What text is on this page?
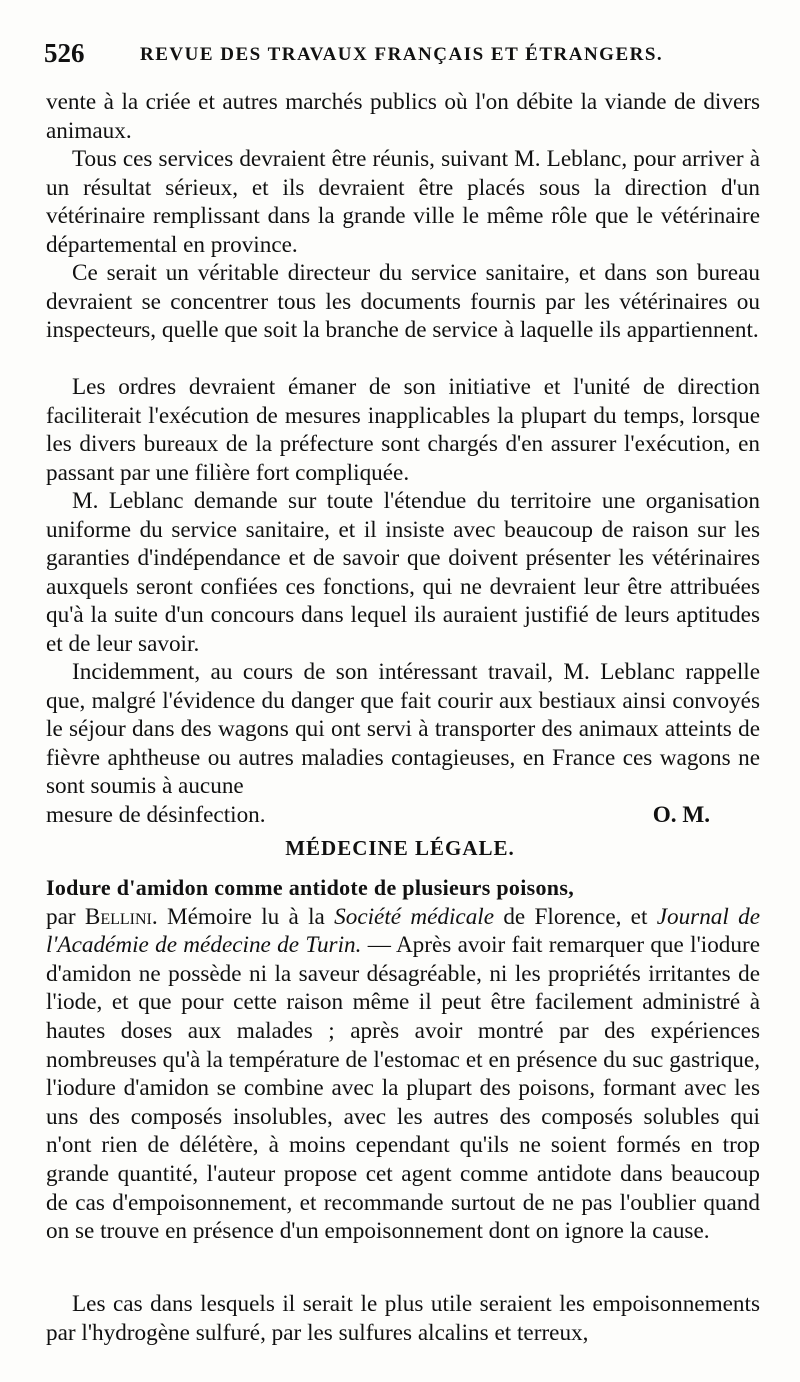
526	REVUE DES TRAVAUX FRANÇAIS ET ÉTRANGERS.

vente à la criée et autres marchés publics où l'on débite la viande de divers animaux.

Tous ces services devraient être réunis, suivant M. Leblanc, pour arriver à un résultat sérieux, et ils devraient être placés sous la direction d'un vétérinaire remplissant dans la grande ville le même rôle que le vétérinaire départemental en province.

Ce serait un véritable directeur du service sanitaire, et dans son bureau devraient se concentrer tous les documents fournis par les vétérinaires ou inspecteurs, quelle que soit la branche de service à laquelle ils appartiennent.

Les ordres devraient émaner de son initiative et l'unité de direction faciliterait l'exécution de mesures inapplicables la plupart du temps, lorsque les divers bureaux de la préfecture sont chargés d'en assurer l'exécution, en passant par une filière fort compliquée.

M. Leblanc demande sur toute l'étendue du territoire une organisation uniforme du service sanitaire, et il insiste avec beaucoup de raison sur les garanties d'indépendance et de savoir que doivent présenter les vétérinaires auxquels seront confiées ces fonctions, qui ne devraient leur être attribuées qu'à la suite d'un concours dans lequel ils auraient justifié de leurs aptitudes et de leur savoir.

Incidemment, au cours de son intéressant travail, M. Leblanc rappelle que, malgré l'évidence du danger que fait courir aux bestiaux ainsi convoyés le séjour dans des wagons qui ont servi à transporter des animaux atteints de fièvre aphtheuse ou autres maladies contagieuses, en France ces wagons ne sont soumis à aucune
mesure de désinfection.	O. M.
MÉDECINE LÉGALE.

Iodure d'amidon comme antidote de plusieurs poisons,
par Bellini. Mémoire lu à la Société médicale de Florence, et Journal de l'Académie de médecine de Turin. — Après avoir fait remarquer que l'iodure d'amidon ne possède ni la saveur désagréable, ni les propriétés irritantes de l'iode, et que pour cette raison même il peut être facilement administré à hautes doses aux malades ; après avoir montré par des expériences nombreuses qu'à la température de l'estomac et en présence du suc gastrique, l'iodure d'amidon se combine avec la plupart des poisons, formant avec les uns des composés insolubles, avec les autres des composés solubles qui n'ont rien de délétère, à moins cependant qu'ils ne soient formés en trop grande quantité, l'auteur propose cet agent comme antidote dans beaucoup de cas d'empoisonnement, et recommande surtout de ne pas l'oublier quand on se trouve en présence d'un empoisonnement dont on ignore la cause.

Les cas dans lesquels il serait le plus utile seraient les empoisonnements par l'hydrogène sulfuré, par les sulfures alcalins et terreux,
